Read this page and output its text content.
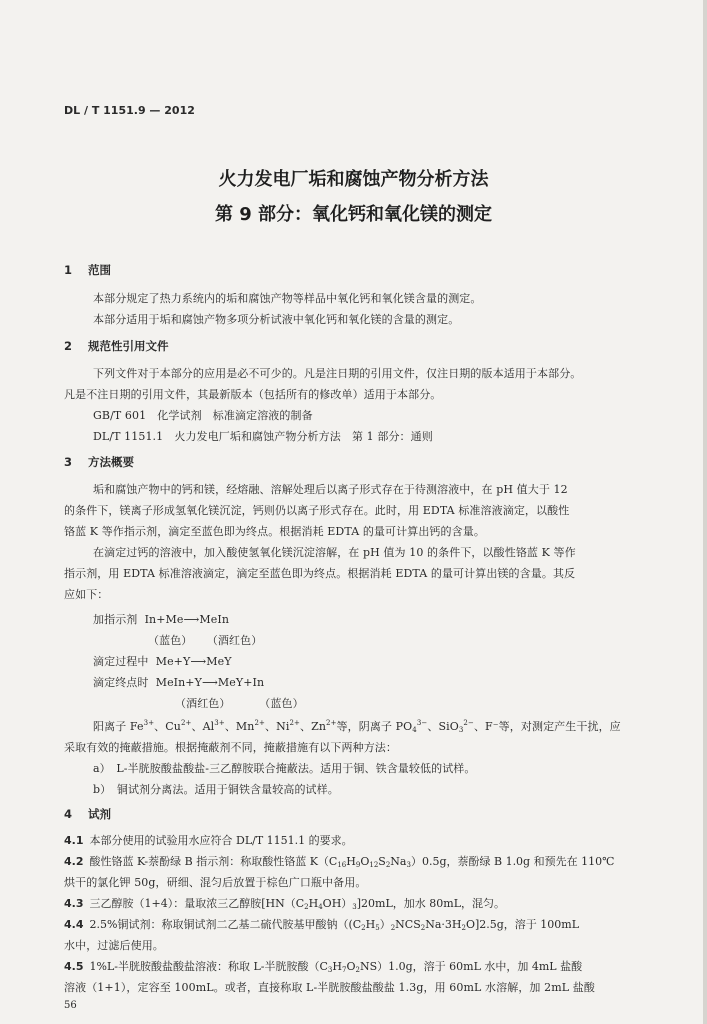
DL / T 1151.9 — 2012
火力发电厂垢和腐蚀产物分析方法
第 9 部分：氧化钙和氧化镁的测定
1 范围
本部分规定了热力系统内的垢和腐蚀产物等样品中氧化钙和氧化镁含量的测定。
本部分适用于垢和腐蚀产物多项分析试液中氧化钙和氧化镁的含量的测定。
2 规范性引用文件
下列文件对于本部分的应用是必不可少的。凡是注日期的引用文件，仅注日期的版本适用于本部分。
凡是不注日期的引用文件，其最新版本（包括所有的修改单）适用于本部分。
GB/T 601　化学试剂　标准滴定溶液的制备
DL/T 1151.1　火力发电厂垢和腐蚀产物分析方法　第 1 部分：通则
3 方法概要
垢和腐蚀产物中的钙和镁，经熔融、溶解处理后以离子形式存在于待测溶液中，在 pH 值大于 12
的条件下，镁离子形成氢氧化镁沉淀，钙则仍以离子形式存在。此时，用 EDTA 标准溶液滴定，以酸性
铬蓝 K 等作指示剂，滴定至蓝色即为终点。根据消耗 EDTA 的量可计算出钙的含量。
在滴定过钙的溶液中，加入酸使氢氧化镁沉淀溶解，在 pH 值为 10 的条件下，以酸性铬蓝 K 等作
指示剂，用 EDTA 标准溶液滴定，滴定至蓝色即为终点。根据消耗 EDTA 的量可计算出镁的含量。其反
应如下：
加指示剂 In+Me⟶MeIn
（蓝色） （酒红色）
滴定过程中 Me+Y⟶MeY
滴定终点时 MeIn+Y⟶MeY+In
（酒红色）	（蓝色）
阳离子 $Fe^{3+}$、$Cu^{2+}$、$Al^{3+}$、$Mn^{2+}$、$Ni^{2+}$、$Zn^{2+}$等，阴离子 $PO_4^{3-}$、SiO$_3^{2-}$、F⁻等，对测定产生干扰，应
采取有效的掩蔽措施。根据掩蔽剂不同，掩蔽措施有以下两种方法：
a）　L-半胱胺酸盐酸盐-三乙醇胺联合掩蔽法。适用于铜、铁含量较低的试样。
b）　铜试剂分离法。适用于铜铁含量较高的试样。
4 试剂
4.1 本部分使用的试验用水应符合 DL/T 1151.1 的要求。
4.2 酸性铬蓝 K-萘酚绿 B 指示剂：称取酸性铬蓝 $K(C_{16}H_9O_{12}S_2Na_3)0.5g$，萘酚绿 B 1.0g 和预先在 110℃
烘干的氯化钾 50g，研细、混匀后放置于棕色广口瓶中备用。
4.3 三乙醇胺（1+4）：量取浓三乙醇胺$[HN(C_2H_4OH)_3]20mL$，加水 80mL，混匀。
4.4 2.5%铜试剂：称取铜试剂二乙基二硫代胺基甲酸钠$((C_2H_5)_2NCS_2Na\cdot 3H_2O]2.5g$，溶于 100mL
水中，过滤后使用。
4.5 1%L-半胱胺酸盐酸盐溶液：称取 L-半胱胺酸$(C_3H_7O_2NS)1.0g$，溶于 60mL 水中，加 4mL 盐酸
溶液（1+1），定容至 100mL。或者，直接称取 L-半胱胺酸盐酸盐 1.3g，用 60mL 水溶解，加 2mL 盐酸
56
